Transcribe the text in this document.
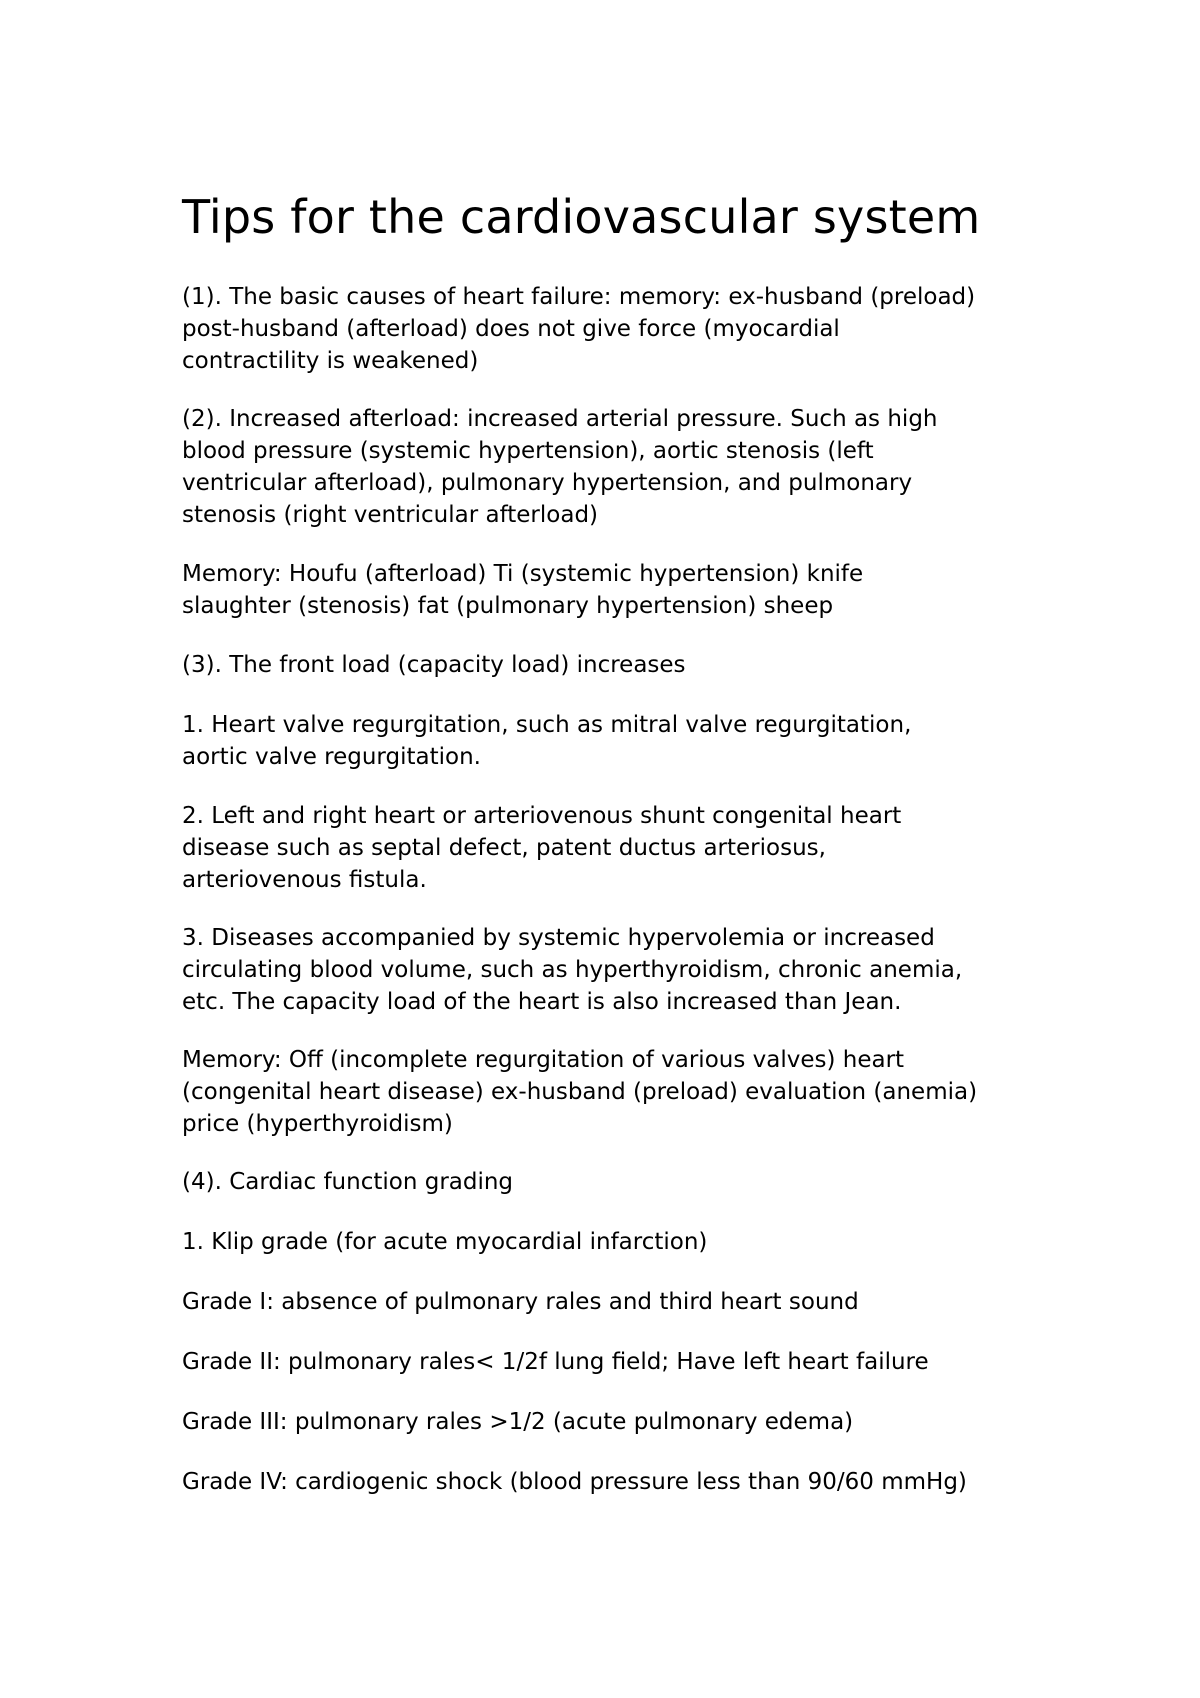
Tips for the cardiovascular system

(1). The basic causes of heart failure: memory: ex-husband (preload)
post-husband (afterload) does not give force (myocardial
contractility is weakened)

(2). Increased afterload: increased arterial pressure. Such as high
blood pressure (systemic hypertension), aortic stenosis (left
ventricular afterload), pulmonary hypertension, and pulmonary
stenosis (right ventricular afterload)

Memory: Houfu (afterload) Ti (systemic hypertension) knife
slaughter (stenosis) fat (pulmonary hypertension) sheep

(3). The front load (capacity load) increases

1. Heart valve regurgitation, such as mitral valve regurgitation,
aortic valve regurgitation.

2. Left and right heart or arteriovenous shunt congenital heart
disease such as septal defect, patent ductus arteriosus,
arteriovenous fistula.

3. Diseases accompanied by systemic hypervolemia or increased
circulating blood volume, such as hyperthyroidism, chronic anemia,
etc. The capacity load of the heart is also increased than Jean.

Memory: Off (incomplete regurgitation of various valves) heart
(congenital heart disease) ex-husband (preload) evaluation (anemia)
price (hyperthyroidism)

(4). Cardiac function grading

1. Klip grade (for acute myocardial infarction)

Grade I: absence of pulmonary rales and third heart sound

Grade II: pulmonary rales< 1/2f lung field; Have left heart failure

Grade III: pulmonary rales >1/2 (acute pulmonary edema)

Grade IV: cardiogenic shock (blood pressure less than 90/60 mmHg)
